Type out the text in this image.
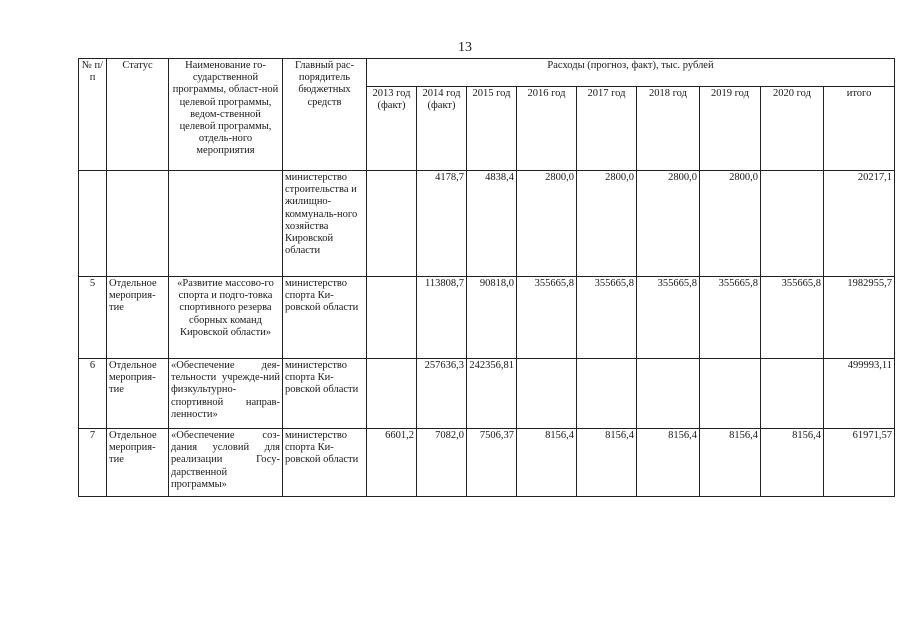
13
№ п/п	Статус	Наименование го-сударственной программы, област-ной целевой программы, ведом-ственной целевой программы, отдель-ного мероприятия	Главный рас-порядитель бюджетных средств	Расходы (прогноз, факт), тыс. рублей								
				2013 год (факт)	2014 год (факт)	2015 год	2016 год	2017 год	2018 год	2019 год	2020 год	итого
			министерство строительства и жилищно-коммуналь-ного хозяйства Кировской области		4178,7	4838,4	2800,0	2800,0	2800,0	2800,0		20217,1
5	Отдельное мероприя-тие	«Развитие массово-го спорта и подго-товка спортивного резерва сборных команд Кировской области»	министерство спорта Ки-ровской области		113808,7	90818,0	355665,8	355665,8	355665,8	355665,8	355665,8	1982955,7
6	Отдельное мероприя-тие	«Обеспечение дея-тельности учрежде-ний физкультурно-спортивной направ-ленности»	министерство спорта Ки-ровской области		257636,3	242356,81						499993,11
7	Отдельное мероприя-тие	«Обеспечение соз-дания условий для реализации Госу-дарственной программы»	министерство спорта Ки-ровской области	6601,2	7082,0	7506,37	8156,4	8156,4	8156,4	8156,4	8156,4	61971,57
